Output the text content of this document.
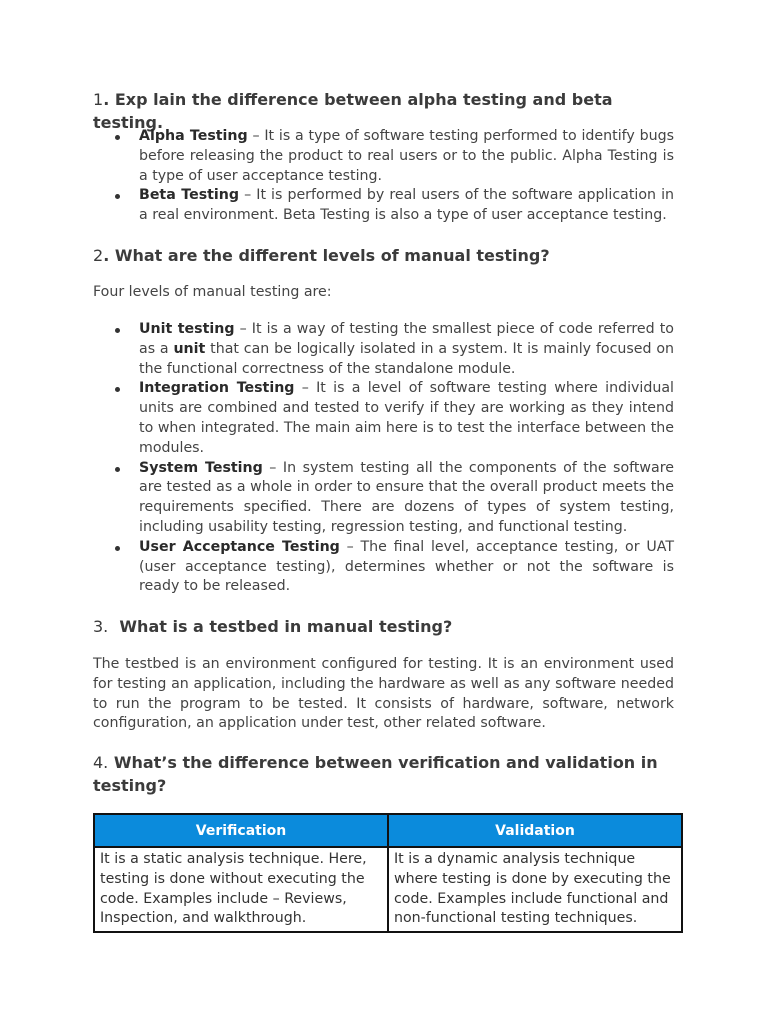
1. Exp lain the difference between alpha testing and beta testing.
Alpha Testing – It is a type of software testing performed to identify bugs before releasing the product to real users or to the public. Alpha Testing is a type of user acceptance testing.
Beta Testing – It is performed by real users of the software application in a real environment. Beta Testing is also a type of user acceptance testing.
2. What are the different levels of manual testing?
Four levels of manual testing are:
Unit testing – It is a way of testing the smallest piece of code referred to as a unit that can be logically isolated in a system. It is mainly focused on the functional correctness of the standalone module.
Integration Testing – It is a level of software testing where individual units are combined and tested to verify if they are working as they intend to when integrated. The main aim here is to test the interface between the modules.
System Testing – In system testing all the components of the software are tested as a whole in order to ensure that the overall product meets the requirements specified. There are dozens of types of system testing, including usability testing, regression testing, and functional testing.
User Acceptance Testing – The final level, acceptance testing, or UAT (user acceptance testing), determines whether or not the software is ready to be released.
3. What is a testbed in manual testing?
The testbed is an environment configured for testing. It is an environment used for testing an application, including the hardware as well as any software needed to run the program to be tested. It consists of hardware, software, network configuration, an application under test, other related software.
4. What’s the difference between verification and validation in testing?
Verification	Validation
It is a static analysis technique. Here, testing is done without executing the code. Examples include – Reviews, Inspection, and walkthrough.	It is a dynamic analysis technique where testing is done by executing the code. Examples include functional and non-functional testing techniques.
